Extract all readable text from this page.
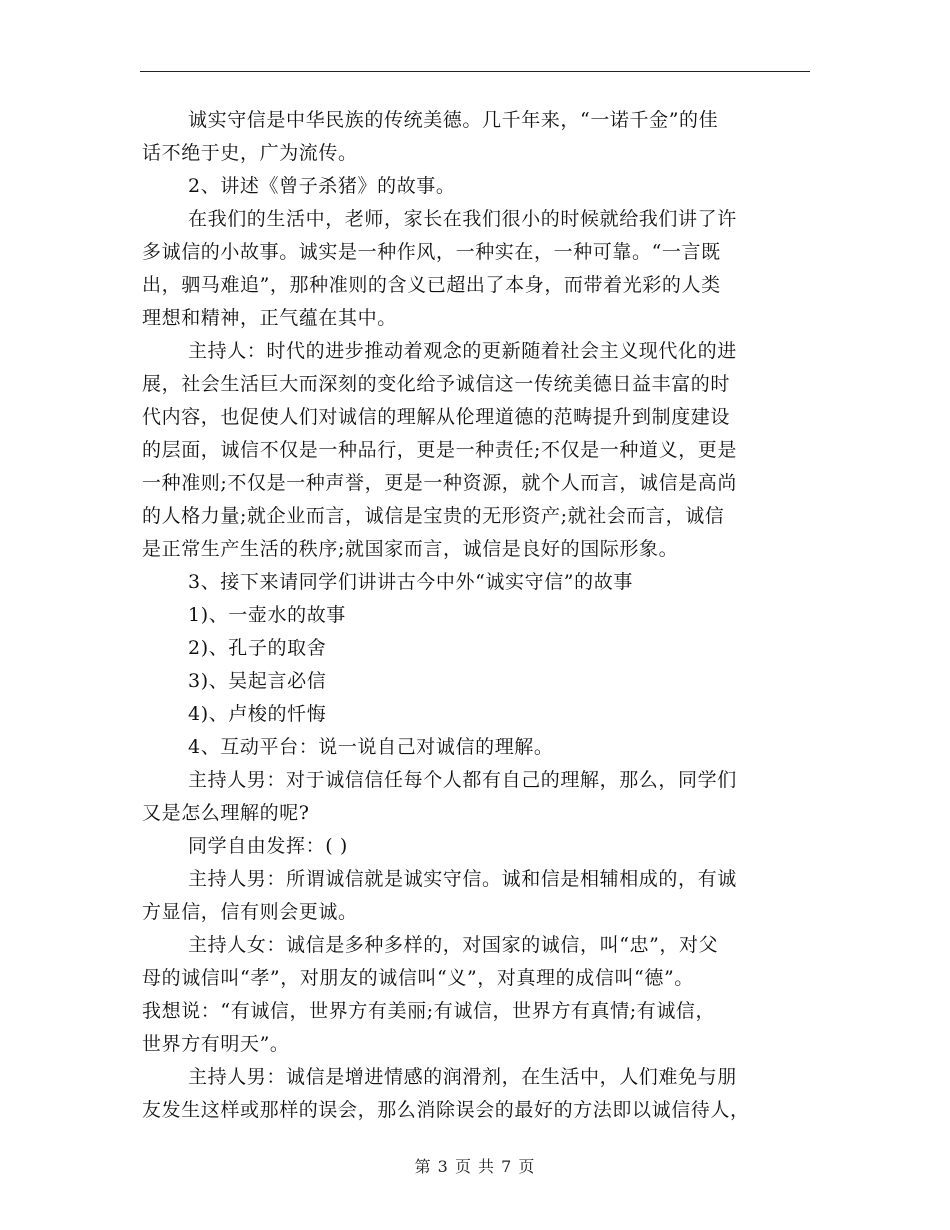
诚实守信是中华民族的传统美德。几千年来，“一诺千金”的佳
话不绝于史，广为流传。
2、讲述《曾子杀猪》的故事。
在我们的生活中，老师，家长在我们很小的时候就给我们讲了许
多诚信的小故事。诚实是一种作风，一种实在，一种可靠。“一言既
出，驷马难追”，那种准则的含义已超出了本身，而带着光彩的人类
理想和精神，正气蕴在其中。
主持人：时代的进步推动着观念的更新随着社会主义现代化的进
展，社会生活巨大而深刻的变化给予诚信这一传统美德日益丰富的时
代内容，也促使人们对诚信的理解从伦理道德的范畴提升到制度建设
的层面，诚信不仅是一种品行，更是一种责任;不仅是一种道义，更是
一种准则;不仅是一种声誉，更是一种资源，就个人而言，诚信是高尚
的人格力量;就企业而言，诚信是宝贵的无形资产;就社会而言，诚信
是正常生产生活的秩序;就国家而言，诚信是良好的国际形象。
3、接下来请同学们讲讲古今中外“诚实守信”的故事
1)、一壶水的故事
2)、孔子的取舍
3)、吴起言必信
4)、卢梭的忏悔
4、互动平台：说一说自己对诚信的理解。
主持人男：对于诚信信任每个人都有自己的理解，那么，同学们
又是怎么理解的呢?
同学自由发挥：( )
主持人男：所谓诚信就是诚实守信。诚和信是相辅相成的，有诚
方显信，信有则会更诚。
主持人女：诚信是多种多样的，对国家的诚信，叫“忠”，对父
母的诚信叫“孝”，对朋友的诚信叫“义”，对真理的成信叫“德”。
我想说：“有诚信，世界方有美丽;有诚信，世界方有真情;有诚信，
世界方有明天”。
主持人男：诚信是增进情感的润滑剂，在生活中，人们难免与朋
友发生这样或那样的误会，那么消除误会的最好的方法即以诚信待人，
第 3 页 共 7 页
